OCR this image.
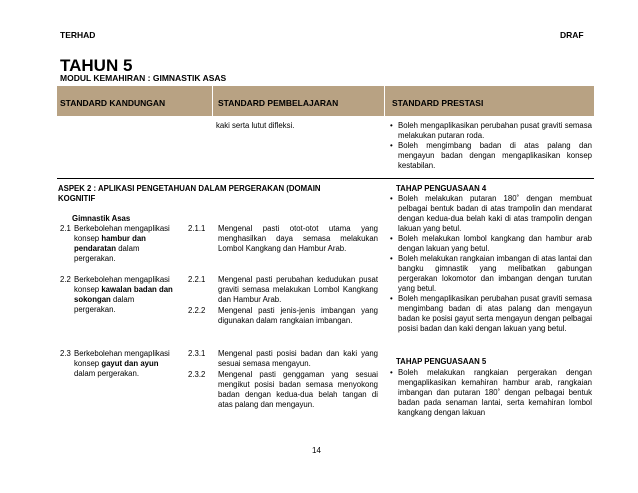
TERHAD	DRAF
TAHUN 5
MODUL KEMAHIRAN : GIMNASTIK ASAS
STANDARD KANDUNGAN	STANDARD PEMBELAJARAN	STANDARD PRESTASI
kaki serta lutut difleksi.
•	Boleh mengaplikasikan perubahan pusat graviti semasa melakukan putaran roda.
• Boleh mengimbang badan di atas palang dan mengayun badan dengan mengaplikasikan konsep kestabilan.
ASPEK 2 : APLIKASI PENGETAHUAN DALAM PERGERAKAN (DOMAIN KOGNITIF
Gimnastik Asas
2.1 Berkebolehan mengaplikasi konsep hambur dan pendaratan dalam pergerakan.
2.2 Berkebolehan mengaplikasi konsep kawalan badan dan sokongan dalam pergerakan.
2.3 Berkebolehan mengaplikasi konsep gayut dan ayun dalam pergerakan.
2.1.1 Mengenal pasti otot-otot utama yang menghasilkan daya semasa melakukan Lombol Kangkang dan Hambur Arab.
2.2.1 Mengenal pasti perubahan kedudukan pusat graviti semasa melakukan Lombol Kangkang dan Hambur Arab.
2.2.2 Mengenal pasti jenis-jenis imbangan yang digunakan dalam rangkaian imbangan.
2.3.1 Mengenal pasti posisi badan dan kaki yang sesuai semasa mengayun.
2.3.2 Mengenal pasti genggaman yang sesuai mengikut posisi badan semasa menyokong badan dengan kedua-dua belah tangan di atas palang dan mengayun.
TAHAP PENGUASAAN 4
• Boleh melakukan putaran 180˚ dengan membuat pelbagai bentuk badan di atas trampolin dan mendarat dengan kedua-dua belah kaki di atas trampolin dengan lakuan yang betul.
• Boleh melakukan lombol kangkang dan hambur arab dengan lakuan yang betul.
• Boleh melakukan rangkaian imbangan di atas lantai dan bangku gimnastik yang melibatkan gabungan pergerakan lokomotor dan imbangan dengan turutan yang betul.
• Boleh mengaplikasikan perubahan pusat graviti semasa mengimbang badan di atas palang dan mengayun badan ke posisi gayut serta mengayun dengan pelbagai posisi badan dan kaki dengan lakuan yang betul.
TAHAP PENGUASAAN 5
• Boleh melakukan rangkaian pergerakan dengan mengaplikasikan kemahiran hambur arab, rangkaian imbangan dan putaran 180˚ dengan pelbagai bentuk badan pada senaman lantai, serta kemahiran lombol kangkang dengan lakuan
14
